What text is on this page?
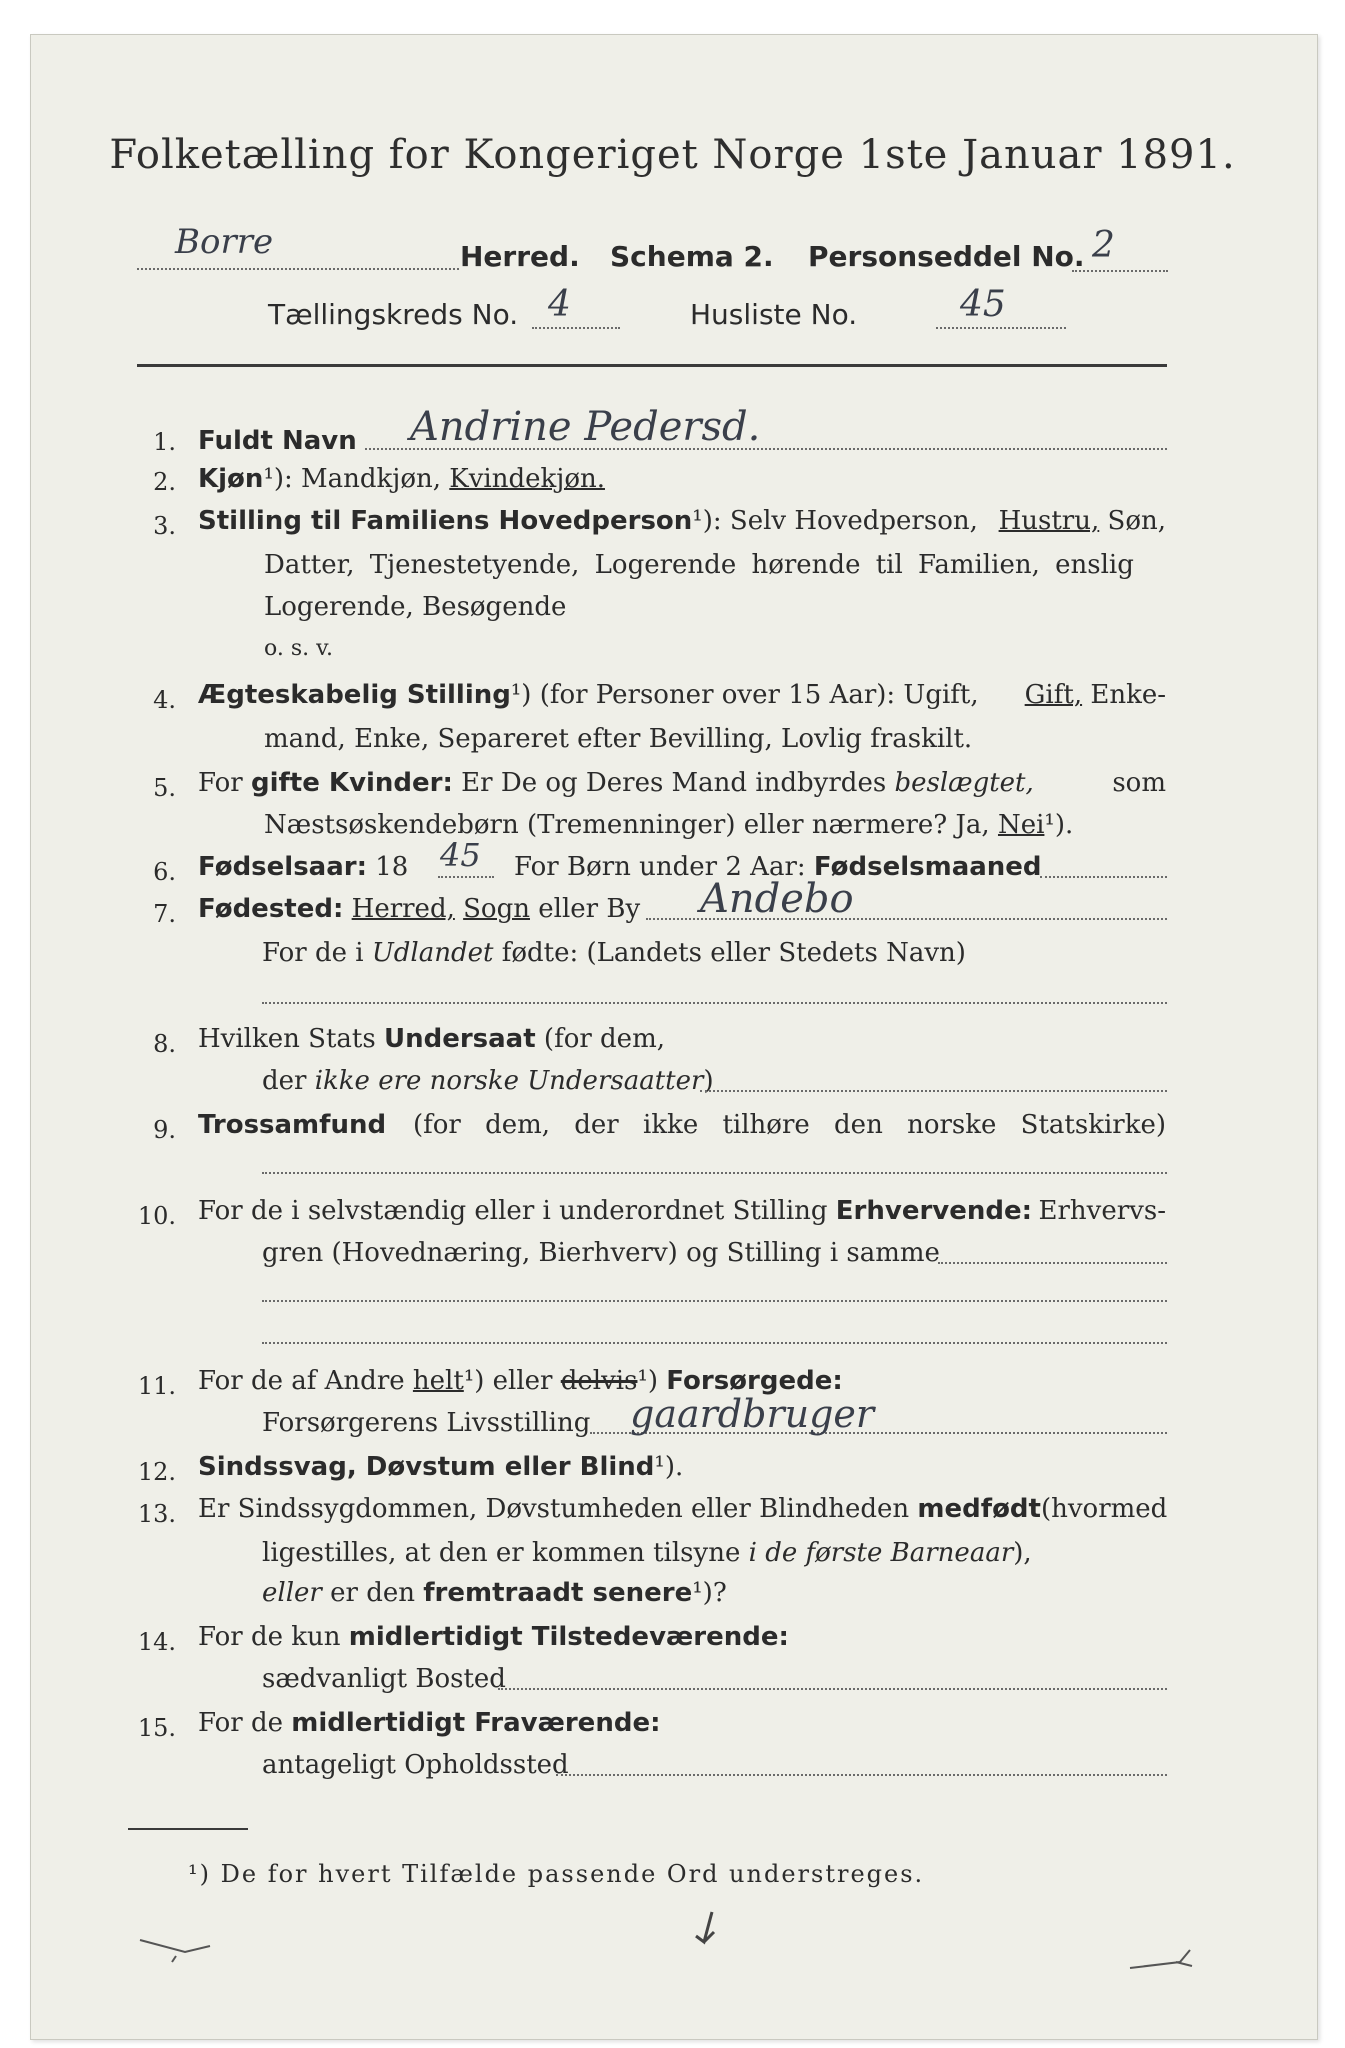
Folketælling for Kongeriget Norge 1ste Januar 1891.
Borre	Herred. Schema 2. Personseddel No. 2
Tællingskreds No. 4	Husliste No.	45
1. Fuldt Navn Andrine Pedersd.
2. Kjøn¹): Mandkjøn, Kvindekjøn.
3. Stilling til Familiens Hovedperson¹): Selv Hovedperson, Hustru, Søn,
Datter, Tjenestetyende, Logerende hørende til Familien, enslig
Logerende, Besøgende
o. s. v.
4. Ægteskabelig Stilling¹) (for Personer over 15 Aar): Ugift, Gift, Enke-
mand, Enke, Separeret efter Bevilling, Lovlig fraskilt.
5. For gifte Kvinder: Er De og Deres Mand indbyrdes beslægtet,	som
Næstsøskendebørn (Tremenninger) eller nærmere? Ja, Nei¹).
6. Fødselsaar: 18 45 For Børn under 2 Aar: Fødselsmaaned
7. Fødested: Herred, Sogn eller By Andebo
For de i Udlandet fødte: (Landets eller Stedets Navn)
8. Hvilken Stats Undersaat (for dem,
der ikke ere norske Undersaatter)
9. Trossamfund (for dem, der ikke tilhøre den norske Statskirke)
10. For de i selvstændig eller i underordnet Stilling Erhvervende: Erhvervs-
gren (Hovednæring, Bierhverv) og Stilling i samme
11. For de af Andre helt¹) eller delvis¹) Forsørgede:
Forsørgerens Livsstilling gaardbruger
12. Sindssvag, Døvstum eller Blind¹).
13. Er Sindssygdommen, Døvstumheden eller Blindheden medfødt (hvormed
ligestilles, at den er kommen tilsyne i de første Barneaar),
eller er den fremtraadt senere¹)?
14. For de kun midlertidigt Tilstedeværende:
sædvanligt Bosted
15. For de midlertidigt Fraværende:
antageligt Opholdssted
¹) De for hvert Tilfælde passende Ord understreges.
